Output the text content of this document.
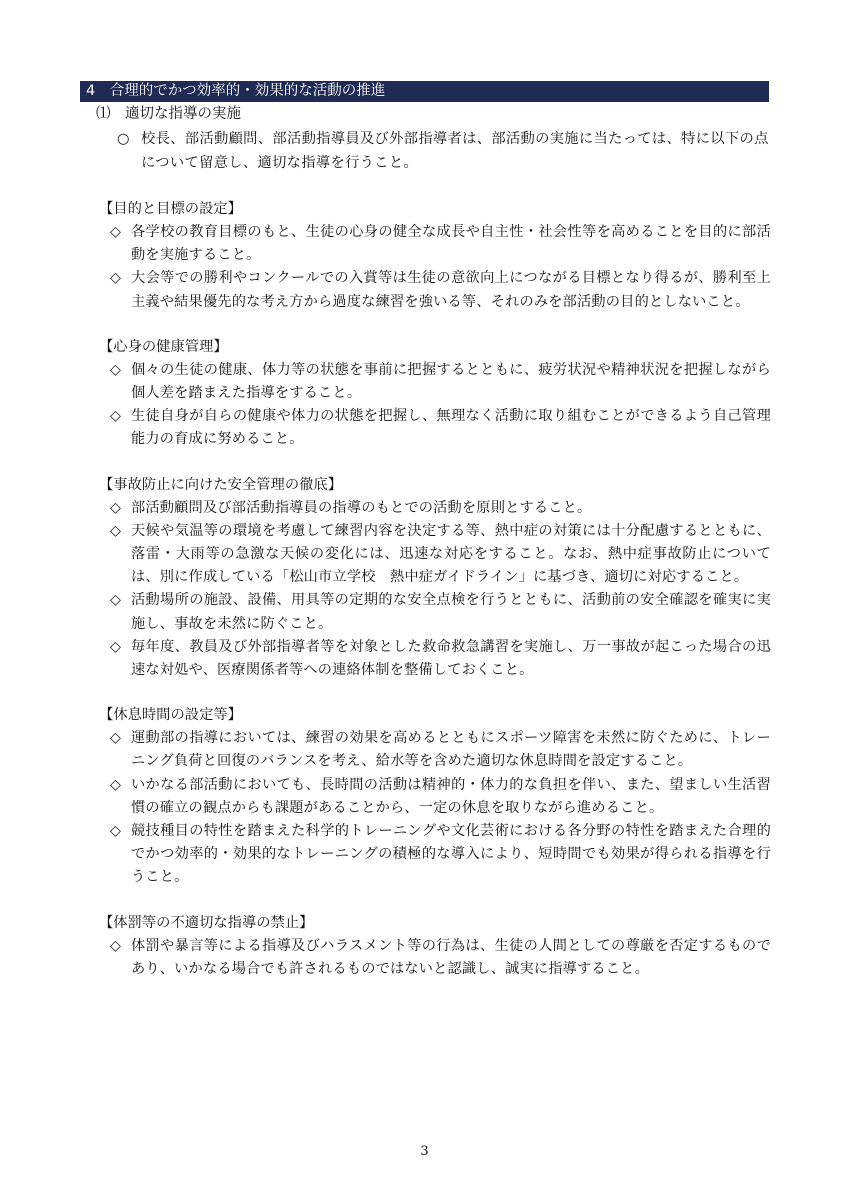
4　合理的でかつ効率的・効果的な活動の推進
⑴　適切な指導の実施
○ 校長、部活動顧問、部活動指導員及び外部指導者は、部活動の実施に当たっては、特に以下の点について留意し、適切な指導を行うこと。
【目的と目標の設定】
◇ 各学校の教育目標のもと、生徒の心身の健全な成長や自主性・社会性等を高めることを目的に部活動を実施すること。
◇ 大会等での勝利やコンクールでの入賞等は生徒の意欲向上につながる目標となり得るが、勝利至上主義や結果優先的な考え方から過度な練習を強いる等、それのみを部活動の目的としないこと。
【心身の健康管理】
◇ 個々の生徒の健康、体力等の状態を事前に把握するとともに、疲労状況や精神状況を把握しながら個人差を踏まえた指導をすること。
◇ 生徒自身が自らの健康や体力の状態を把握し、無理なく活動に取り組むことができるよう自己管理能力の育成に努めること。
【事故防止に向けた安全管理の徹底】
◇ 部活動顧問及び部活動指導員の指導のもとでの活動を原則とすること。
◇ 天候や気温等の環境を考慮して練習内容を決定する等、熱中症の対策には十分配慮するとともに、落雷・大雨等の急激な天候の変化には、迅速な対応をすること。なお、熱中症事故防止については、別に作成している「松山市立学校　熱中症ガイドライン」に基づき、適切に対応すること。
◇ 活動場所の施設、設備、用具等の定期的な安全点検を行うとともに、活動前の安全確認を確実に実施し、事故を未然に防ぐこと。
◇ 毎年度、教員及び外部指導者等を対象とした救命救急講習を実施し、万一事故が起こった場合の迅速な対処や、医療関係者等への連絡体制を整備しておくこと。
【休息時間の設定等】
◇ 運動部の指導においては、練習の効果を高めるとともにスポーツ障害を未然に防ぐために、トレーニング負荷と回復のバランスを考え、給水等を含めた適切な休息時間を設定すること。
◇ いかなる部活動においても、長時間の活動は精神的・体力的な負担を伴い、また、望ましい生活習慣の確立の観点からも課題があることから、一定の休息を取りながら進めること。
◇ 競技種目の特性を踏まえた科学的トレーニングや文化芸術における各分野の特性を踏まえた合理的でかつ効率的・効果的なトレーニングの積極的な導入により、短時間でも効果が得られる指導を行うこと。
【体罰等の不適切な指導の禁止】
◇ 体罰や暴言等による指導及びハラスメント等の行為は、生徒の人間としての尊厳を否定するものであり、いかなる場合でも許されるものではないと認識し、誠実に指導すること。
3
